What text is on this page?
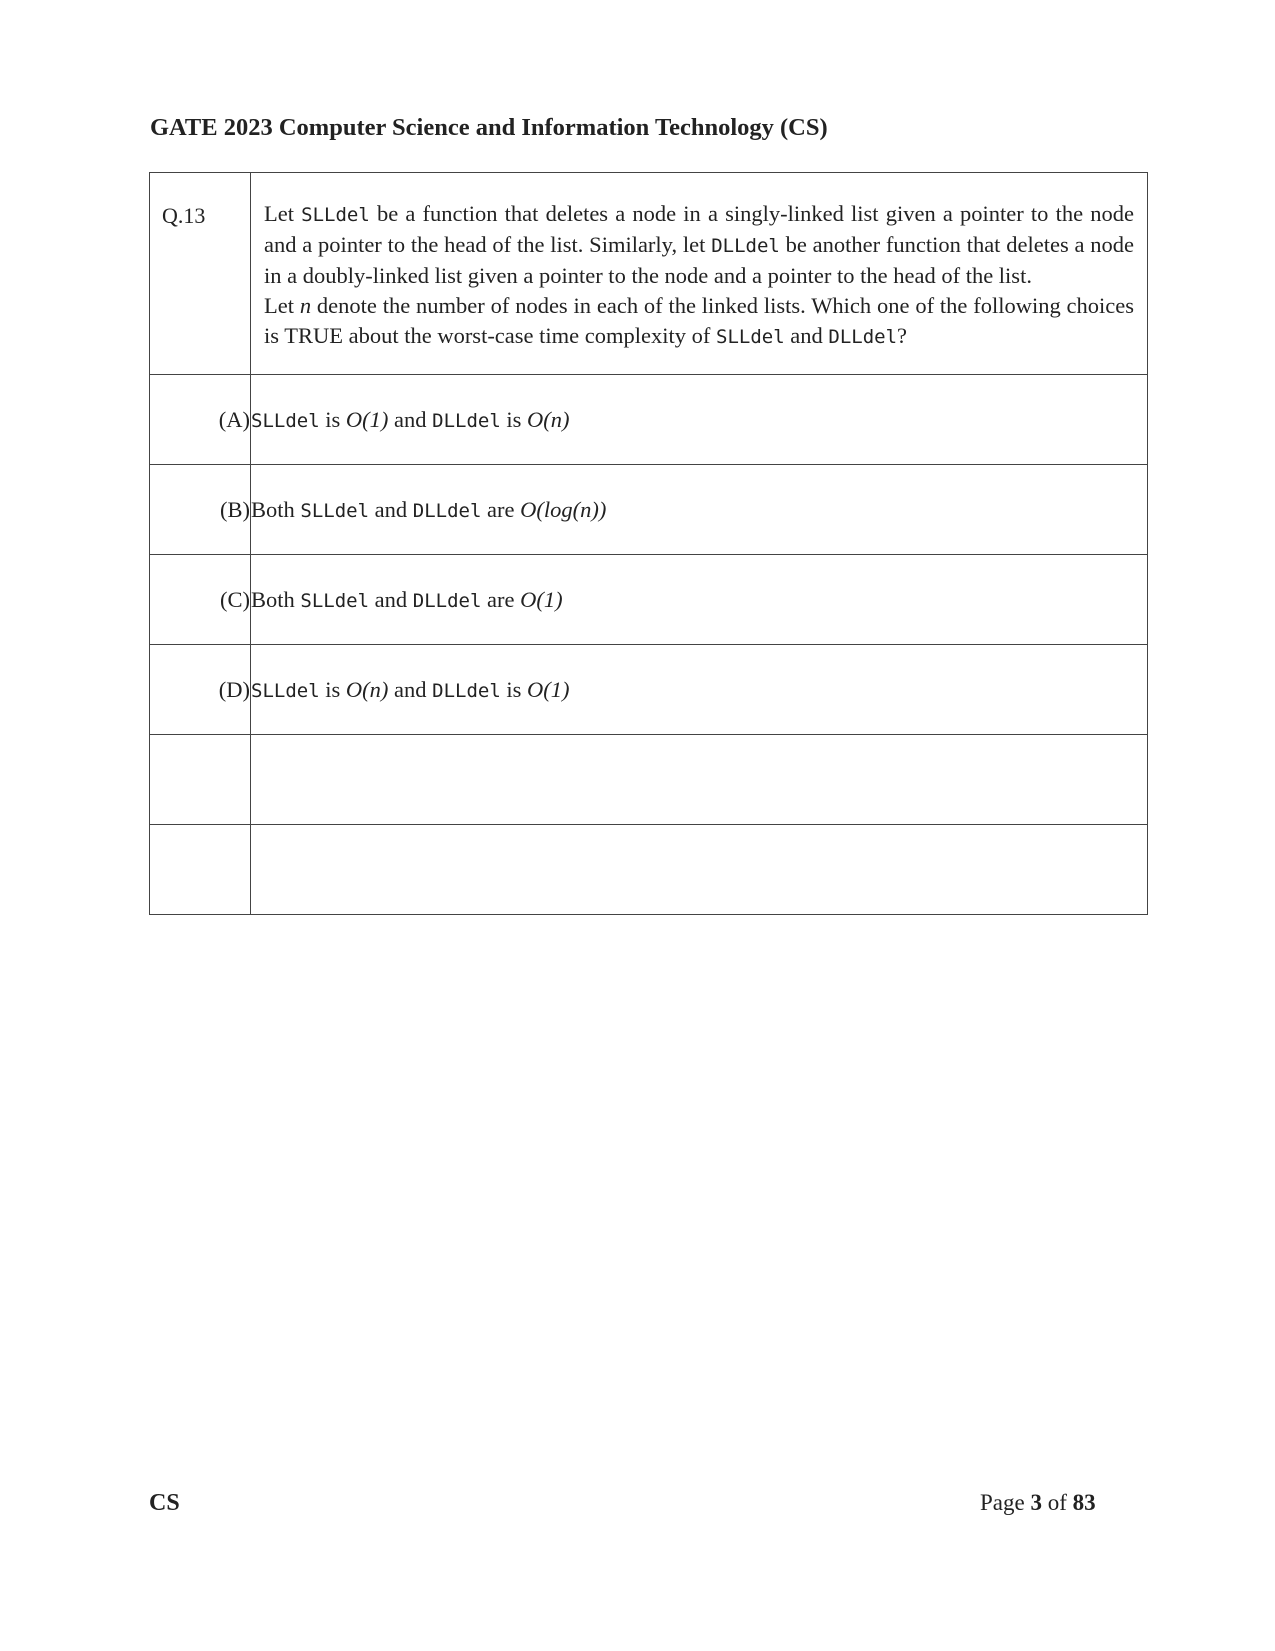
GATE 2023 Computer Science and Information Technology (CS)
Q.13	Let SLLdel be a function that deletes a node in a singly-linked list given a pointer to the node and a pointer to the head of the list. Similarly, let DLLdel be another function that deletes a node in a doubly-linked list given a pointer to the node and a pointer to the head of the list.

Let n denote the number of nodes in each of the linked lists. Which one of the following choices is TRUE about the worst-case time complexity of SLLdel and DLLdel?

(A)	SLLdel is O(1) and DLLdel is O(n)
(B)	Both SLLdel and DLLdel are O(log(n))
(C)	Both SLLdel and DLLdel are O(1)
(D)	SLLdel is O(n) and DLLdel is O(1)

CS	Page 3 of 83
